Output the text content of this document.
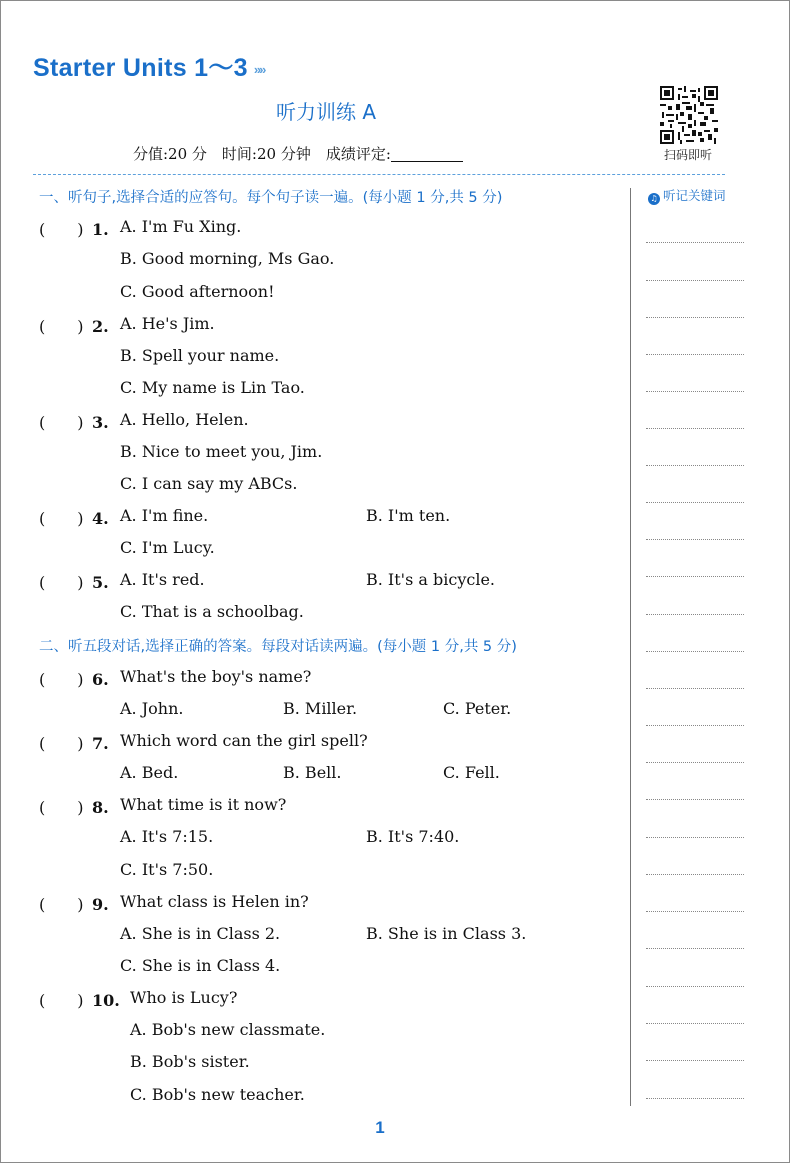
Starter Units 1～3 »»
听力训练 A
分值:20 分　时间:20 分钟　成绩评定:	扫码即听
♫ 听记关键词
一、听句子,选择合适的应答句。每个句子读一遍。(每小题 1 分,共 5 分)
(　　) 1. A. I'm Fu Xing.
B. Good morning, Ms Gao.
C. Good afternoon!
(　　) 2. A. He's Jim.
B. Spell your name.
C. My name is Lin Tao.
(　　) 3. A. Hello, Helen.
B. Nice to meet you, Jim.
C. I can say my ABCs.
(　　) 4. A. I'm fine.	B. I'm ten.
C. I'm Lucy.
(　　) 5. A. It's red.	B. It's a bicycle.
C. That is a schoolbag.
二、听五段对话,选择正确的答案。每段对话读两遍。(每小题 1 分,共 5 分)
(　　) 6. What's the boy's name?
A. John.	B. Miller.	C. Peter.
(　　) 7. Which word can the girl spell?
A. Bed.	B. Bell.	C. Fell.
(　　) 8. What time is it now?
A. It's 7:15.	B. It's 7:40.
C. It's 7:50.
(　　) 9. What class is Helen in?
A. She is in Class 2.	B. She is in Class 3.
C. She is in Class 4.
(　　) 10. Who is Lucy?
A. Bob's new classmate.
B. Bob's sister.
C. Bob's new teacher.
1
